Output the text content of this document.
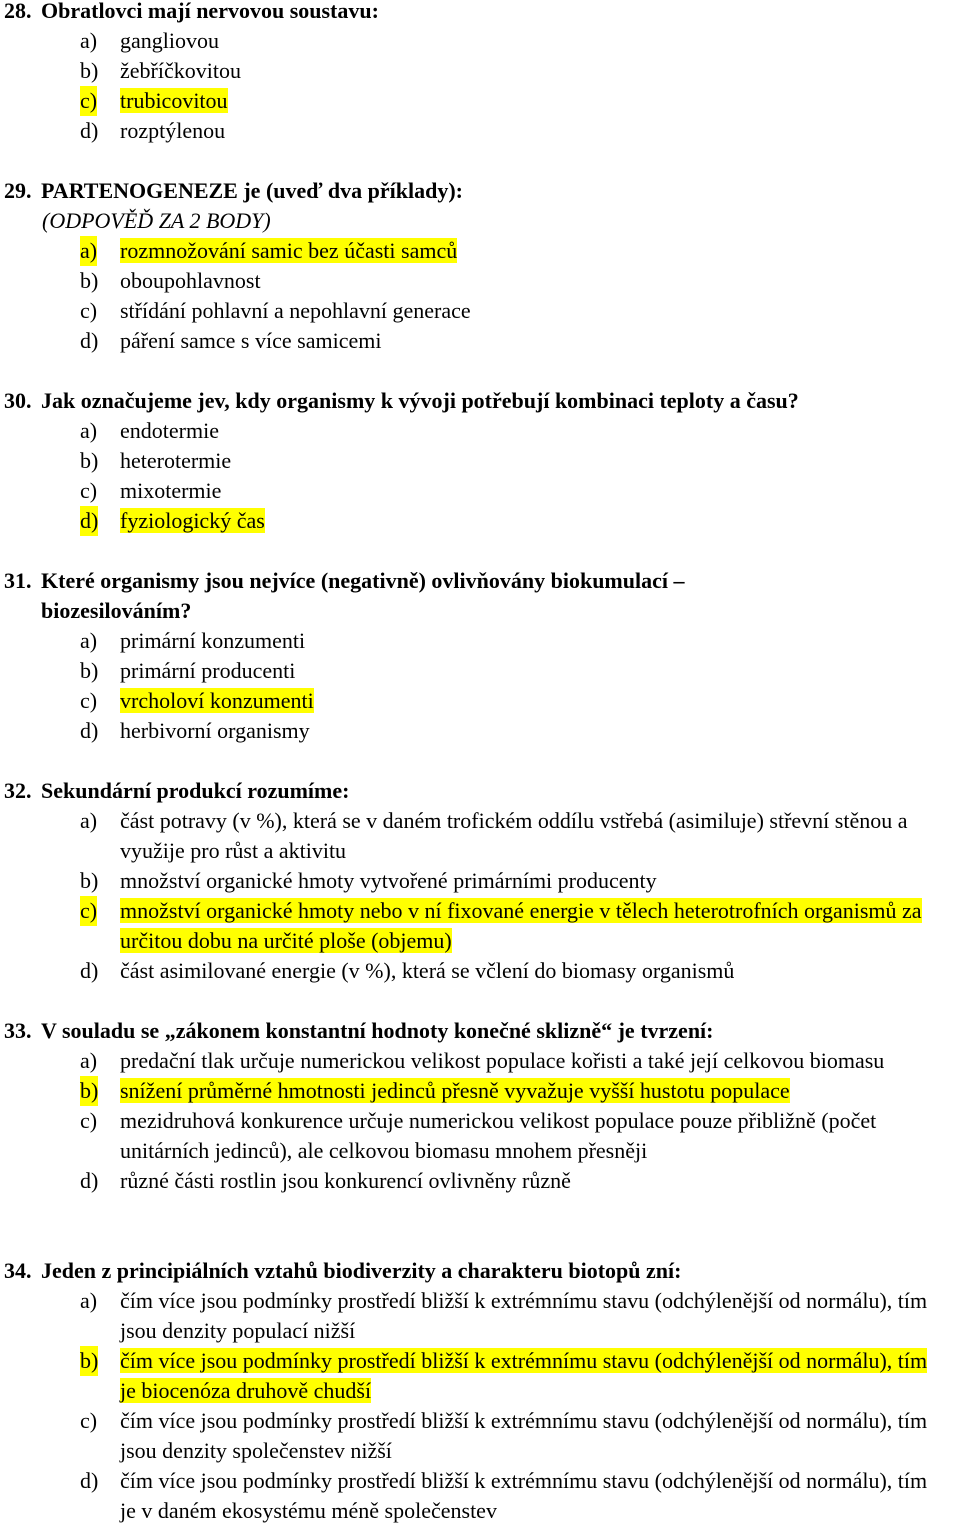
28. Obratlovci mají nervovou soustavu:

a) gangliovou

b) žebříčkovitou

c) trubicovitou

d) rozptýlenou

29. PARTENOGENEZE je (uveď dva příklady):

(ODPOVĚĎ ZA 2 BODY)

a) rozmnožování samic bez účasti samců

b) oboupohlavnost

c) střídání pohlavní a nepohlavní generace

d) páření samce s více samicemi

30. Jak označujeme jev, kdy organismy k vývoji potřebují kombinaci teploty a času?

a) endotermie

b) heterotermie

c) mixotermie

d) fyziologický čas

31. Které organismy jsou nejvíce (negativně) ovlivňovány biokumulací –

biozesilováním?

a) primární konzumenti

b) primární producenti

c) vrcholoví konzumenti

d) herbivorní organismy

32. Sekundární produkcí rozumíme:

a) část potravy (v %), která se v daném trofickém oddílu vstřebá (asimiluje) střevní stěnou a využije pro růst a aktivitu

b) množství organické hmoty vytvořené primárními producenty

c) množství organické hmoty nebo v ní fixované energie v tělech heterotrofních organismů za určitou dobu na určité ploše (objemu)

d) část asimilované energie (v %), která se včlení do biomasy organismů

33. V souladu se „zákonem konstantní hodnoty konečné sklizně“ je tvrzení:

a) predační tlak určuje numerickou velikost populace kořisti a také její celkovou biomasu

b) snížení průměrné hmotnosti jedinců přesně vyvažuje vyšší hustotu populace

c) mezidruhová konkurence určuje numerickou velikost populace pouze přibližně (počet unitárních jedinců), ale celkovou biomasu mnohem přesněji

d) různé části rostlin jsou konkurencí ovlivněny různě

34. Jeden z principiálních vztahů biodiverzity a charakteru biotopů zní:

a) čím více jsou podmínky prostředí bližší k extrémnímu stavu (odchýlenější od normálu), tím jsou denzity populací nižší

b) čím více jsou podmínky prostředí bližší k extrémnímu stavu (odchýlenější od normálu), tím je biocenóza druhově chudší

c) čím více jsou podmínky prostředí bližší k extrémnímu stavu (odchýlenější od normálu), tím jsou denzity společenstev nižší

d) čím více jsou podmínky prostředí bližší k extrémnímu stavu (odchýlenější od normálu), tím je v daném ekosystému méně společenstev
